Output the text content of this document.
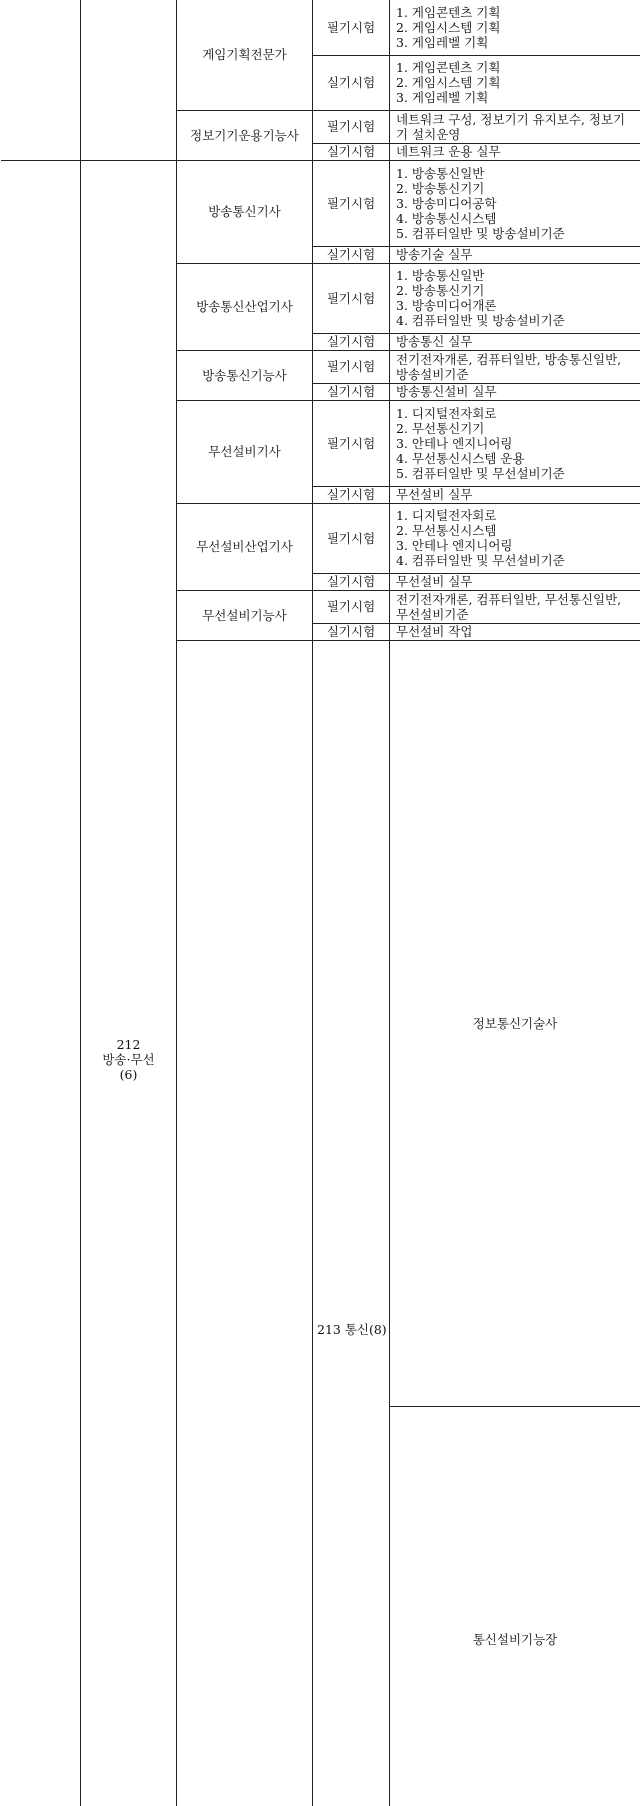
		게임기획전문가	필기시험	1. 게임콘텐츠 기획
2. 게임시스템 기획
3. 게임레벨 기획	

			실기시험	1. 게임콘텐츠 기획
2. 게임시스템 기획
3. 게임레벨 기획	

		정보기기운용기능사	필기시험	네트워크 구성, 정보기기 유지보수, 정보기기 설치운영	
			실기시험	네트워크 운용 실무	

	212
방송·무선
(6)	방송통신기사	필기시험	1. 방송통신일반
2. 방송통신기기
3. 방송미디어공학
4. 방송통신시스템
5. 컴퓨터일반 및 방송설비기준	

			실기시험	방송기술 실무	
		방송통신산업기사	필기시험	1. 방송통신일반
2. 방송통신기기
3. 방송미디어개론
4. 컴퓨터일반 및 방송설비기준	

			실기시험	방송통신 실무	
		방송통신기능사	필기시험	전기전자개론, 컴퓨터일반, 방송통신일반, 방송설비기준	
			실기시험	방송통신설비 실무	
		무선설비기사	필기시험	1. 디지털전자회로
2. 무선통신기기
3. 안테나 엔지니어링
4. 무선통신시스템 운용
5. 컴퓨터일반 및 무선설비기준	

			실기시험	무선설비 실무	
		무선설비산업기사	필기시험	1. 디지털전자회로
2. 무선통신시스템
3. 안테나 엔지니어링
4. 컴퓨터일반 및 무선설비기준	

			실기시험	무선설비 실무	
		무선설비기능사	필기시험	전기전자개론, 컴퓨터일반, 무선통신일반, 무선설비기준	
			실기시험	무선설비 작업	

			213 통신(8)	정보통신기술사	

				통신설비기능장		
